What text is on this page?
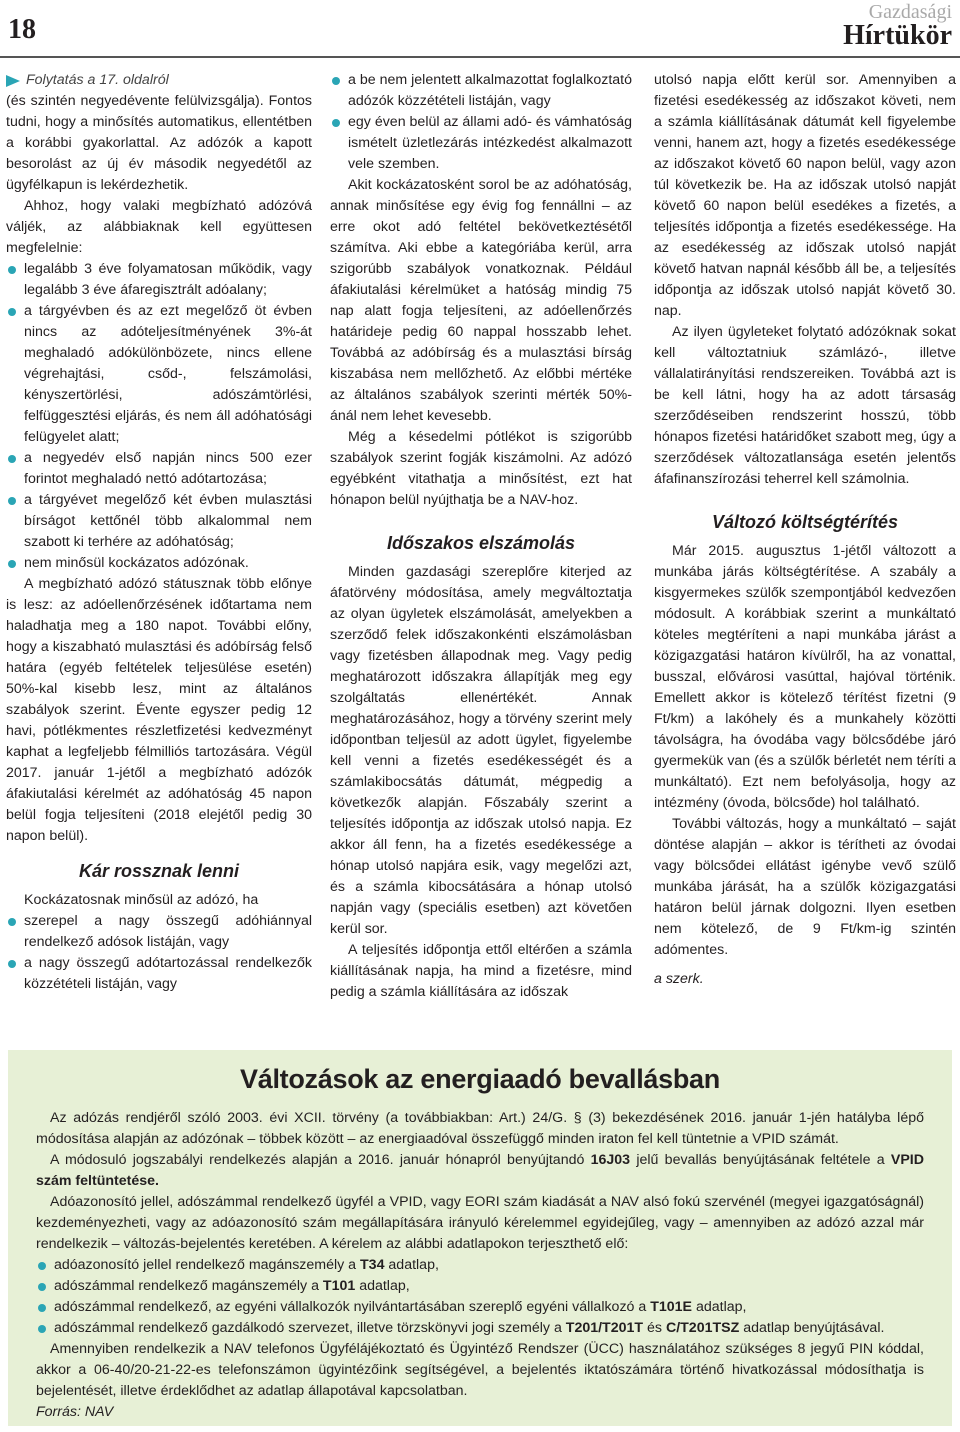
18
Gazdasági
Hírtükör
Folytatás a 17. oldalról

(és szintén negyedévente felülvizsgálja). Fontos tudni, hogy a minősítés automatikus, ellentétben a korábbi gyakorlattal. Az adózók a kapott besorolást az új év második negyedétől az ügyfélkapun is lekérdezhetik.

Ahhoz, hogy valaki megbízható adózóvá váljék, az alábbiaknak kell együttesen megfelelnie:

legalább 3 éve folyamatosan működik, vagy legalább 3 éve áfaregisztrált adóalany;
a tárgyévben és az ezt megelőző öt évben nincs az adóteljesítményének 3%-át meghaladó adókülönbözete, nincs ellene végrehajtási, csőd-, felszámolási, kényszertörlési, adószámtörlési, felfüggesztési eljárás, és nem áll adóhatósági felügyelet alatt;
a negyedév első napján nincs 500 ezer forintot meghaladó nettó adótartozása;
a tárgyévet megelőző két évben mulasztási bírságot kettőnél több alkalommal nem szabott ki terhére az adóhatóság;
nem minősül kockázatos adózónak.

A megbízható adózó státusznak több előnye is lesz: az adóellenőrzésének időtartama nem haladhatja meg a 180 napot. További előny, hogy a kiszabható mulasztási és adóbírság felső határa (egyéb feltételek teljesülése esetén) 50%-kal kisebb lesz, mint az általános szabályok szerint. Évente egyszer pedig 12 havi, pótlékmentes részletfizetési kedvezményt kaphat a legfeljebb félmilliós tartozására. Végül 2017. január 1-jétől a megbízható adózók áfakiutalási kérelmét az adóhatóság 45 napon belül fogja teljesíteni (2018 elejétől pedig 30 napon belül).

Kár rossznak lenni

Kockázatosnak minősül az adózó, ha

szerepel a nagy összegű adóhiánnyal rendelkező adósok listáján, vagy
a nagy összegű adótartozással rendelkezők közzétételi listáján, vagy
a be nem jelentett alkalmazottat foglalkoztató adózók közzétételi listáján, vagy
egy éven belül az állami adó- és vámhatóság ismételt üzletlezárás intézkedést alkalmazott vele szemben.

Akit kockázatosként sorol be az adóhatóság, annak minősítése egy évig fog fennállni – az erre okot adó feltétel bekövetkeztésétől számítva. Aki ebbe a kategóriába kerül, arra szigorúbb szabályok vonatkoznak. Például áfakiutalási kérelmüket a hatóság mindig 75 nap alatt fogja teljesíteni, az adóellenőrzés határideje pedig 60 nappal hosszabb lehet. Továbbá az adóbírság és a mulasztási bírság kiszabása nem mellőzhető. Az előbbi mértéke az általános szabályok szerinti mérték 50%-ánál nem lehet kevesebb.

Még a késedelmi pótlékot is szigorúbb szabályok szerint fogják kiszámolni. Az adózó egyébként vitathatja a minősítést, ezt hat hónapon belül nyújthatja be a NAV-hoz.

Időszakos elszámolás

Minden gazdasági szereplőre kiterjed az áfatörvény módosítása, amely megváltoztatja az olyan ügyletek elszámolását, amelyekben a szerződő felek időszakonkénti elszámolásban vagy fizetésben állapodnak meg. Vagy pedig meghatározott időszakra állapítják meg egy szolgáltatás ellenértékét. Annak meghatározásához, hogy a törvény szerint mely időpontban teljesül az adott ügylet, figyelembe kell venni a fizetés esedékességét és a számlakibocsátás dátumát, mégpedig a következők alapján. Főszabály szerint a teljesítés időpontja az időszak utolsó napja. Ez akkor áll fenn, ha a fizetés esedékessége a hónap utolsó napjára esik, vagy megelőzi azt, és a számla kibocsátására a hónap utolsó napján vagy (speciális esetben) azt követően kerül sor.

A teljesítés időpontja ettől eltérően a számla kiállításának napja, ha mind a fizetésre, mind pedig a számla kiállítására az időszak

utolsó napja előtt kerül sor. Amennyiben a fizetési esedékesség az időszakot követi, nem a számla kiállításának dátumát kell figyelembe venni, hanem azt, hogy a fizetés esedékessége az időszakot követő 60 napon belül, vagy azon túl következik be. Ha az időszak utolsó napját követő 60 napon belül esedékes a fizetés, a teljesítés időpontja a fizetés esedékessége. Ha az esedékesség az időszak utolsó napját követő hatvan napnál később áll be, a teljesítés időpontja az időszak utolsó napját követő 30. nap.

Az ilyen ügyleteket folytató adózóknak sokat kell változtatniuk számlázó-, illetve vállalatirányítási rendszereiken. Továbbá azt is be kell látni, hogy ha az adott társaság szerződéseiben rendszerint hosszú, több hónapos fizetési határidőket szabott meg, úgy a szerződések változatlansága esetén jelentős áfafinanszírozási teherrel kell számolnia.

Változó költségtérítés

Már 2015. augusztus 1-jétől változott a munkába járás költségtérítése. A szabály a kisgyermekes szülők szempontjából kedvezően módosult. A korábbiak szerint a munkáltató köteles megtéríteni a napi munkába járást a közigazgatási határon kívülről, ha az vonattal, busszal, elővárosi vasúttal, hajóval történik. Emellett akkor is kötelező térítést fizetni (9 Ft/km) a lakóhely és a munkahely közötti távolságra, ha óvodába vagy bölcsődébe járó gyermekük van (és a szülők bérletét nem téríti a munkáltató). Ezt nem befolyásolja, hogy az intézmény (óvoda, bölcsőde) hol található.

További változás, hogy a munkáltató – saját döntése alapján – akkor is térítheti az óvodai vagy bölcsődei ellátást igénybe vevő szülő munkába járását, ha a szülők közigazgatási határon belül járnak dolgozni. Ilyen esetben nem kötelező, de 9 Ft/km-ig szintén adómentes.

a szerk.

Változások az energiaadó bevallásban

Az adózás rendjéről szóló 2003. évi XCII. törvény (a továbbiakban: Art.) 24/G. § (3) bekezdésének 2016. január 1-jén hatályba lépő módosítása alapján az adózónak – többek között – az energiaadóval összefüggő minden iraton fel kell tüntetnie a VPID számát.

A módosuló jogszabályi rendelkezés alapján a 2016. január hónapról benyújtandó 16J03 jelű bevallás benyújtásának feltétele a VPID szám feltüntetése.

Adóazonosító jellel, adószámmal rendelkező ügyfél a VPID, vagy EORI szám kiadását a NAV alsó fokú szervénél (megyei igazgatóságnál) kezdeményezheti, vagy az adóazonosító szám megállapítására irányuló kérelemmel egyidejűleg, vagy – amennyiben az adózó azzal már rendelkezik – változás-bejelentés keretében. A kérelem az alábbi adatlapokon terjeszthető elő:

adóazonosító jellel rendelkező magánszemély a T34 adatlap,
adószámmal rendelkező magánszemély a T101 adatlap,
adószámmal rendelkező, az egyéni vállalkozók nyilvántartásában szereplő egyéni vállalkozó a T101E adatlap,
adószámmal rendelkező gazdálkodó szervezet, illetve törzskönyvi jogi személy a T201/T201T és C/T201TSZ adatlap benyújtásával.

Amennyiben rendelkezik a NAV telefonos Ügyfélájékoztató és Ügyintéző Rendszer (ÜCC) használatához szükséges 8 jegyű PIN kóddal, akkor a 06-40/20-21-22-es telefonszámon ügyintézőink segítségével, a bejelentés iktatószámára történő hivatkozással módosíthatja is bejelentését, illetve érdeklődhet az adatlap állapotával kapcsolatban.

Forrás: NAV
